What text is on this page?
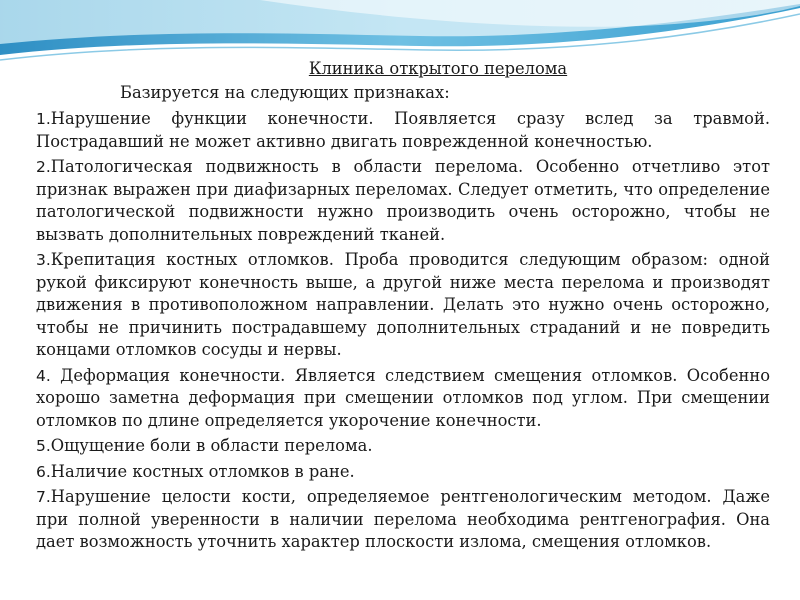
Клиника открытого перелома
Базируется на следующих признаках:
1.Нарушение функции конечности. Появляется сразу вслед за травмой. Пострадавший не может активно двигать поврежденной конечностью.
2.Патологическая подвижность в области перелома. Особенно отчетливо этот признак выражен при диафизарных переломах. Следует отметить, что определение патологической подвижности нужно производить очень осторожно, чтобы не вызвать дополнительных повреждений тканей.
3.Крепитация костных отломков. Проба проводится следующим образом: одной рукой фиксируют конечность выше, а другой ниже места перелома и производят движения в противоположном направлении. Делать это нужно очень осторожно, чтобы не причинить пострадавшему дополнительных страданий и не повредить концами отломков сосуды и нервы.
4. Деформация конечности. Является следствием смещения отломков. Особенно хорошо заметна деформация при смещении отломков под углом. При смещении отломков по длине определяется укорочение конечности.
5.Ощущение боли в области перелома.
6.Наличие костных отломков в ране.
7.Нарушение целости кости, определяемое рентгенологическим методом. Даже при полной уверенности в наличии перелома необходима рентгенография. Она дает возможность уточнить характер плоскости излома, смещения отломков.
